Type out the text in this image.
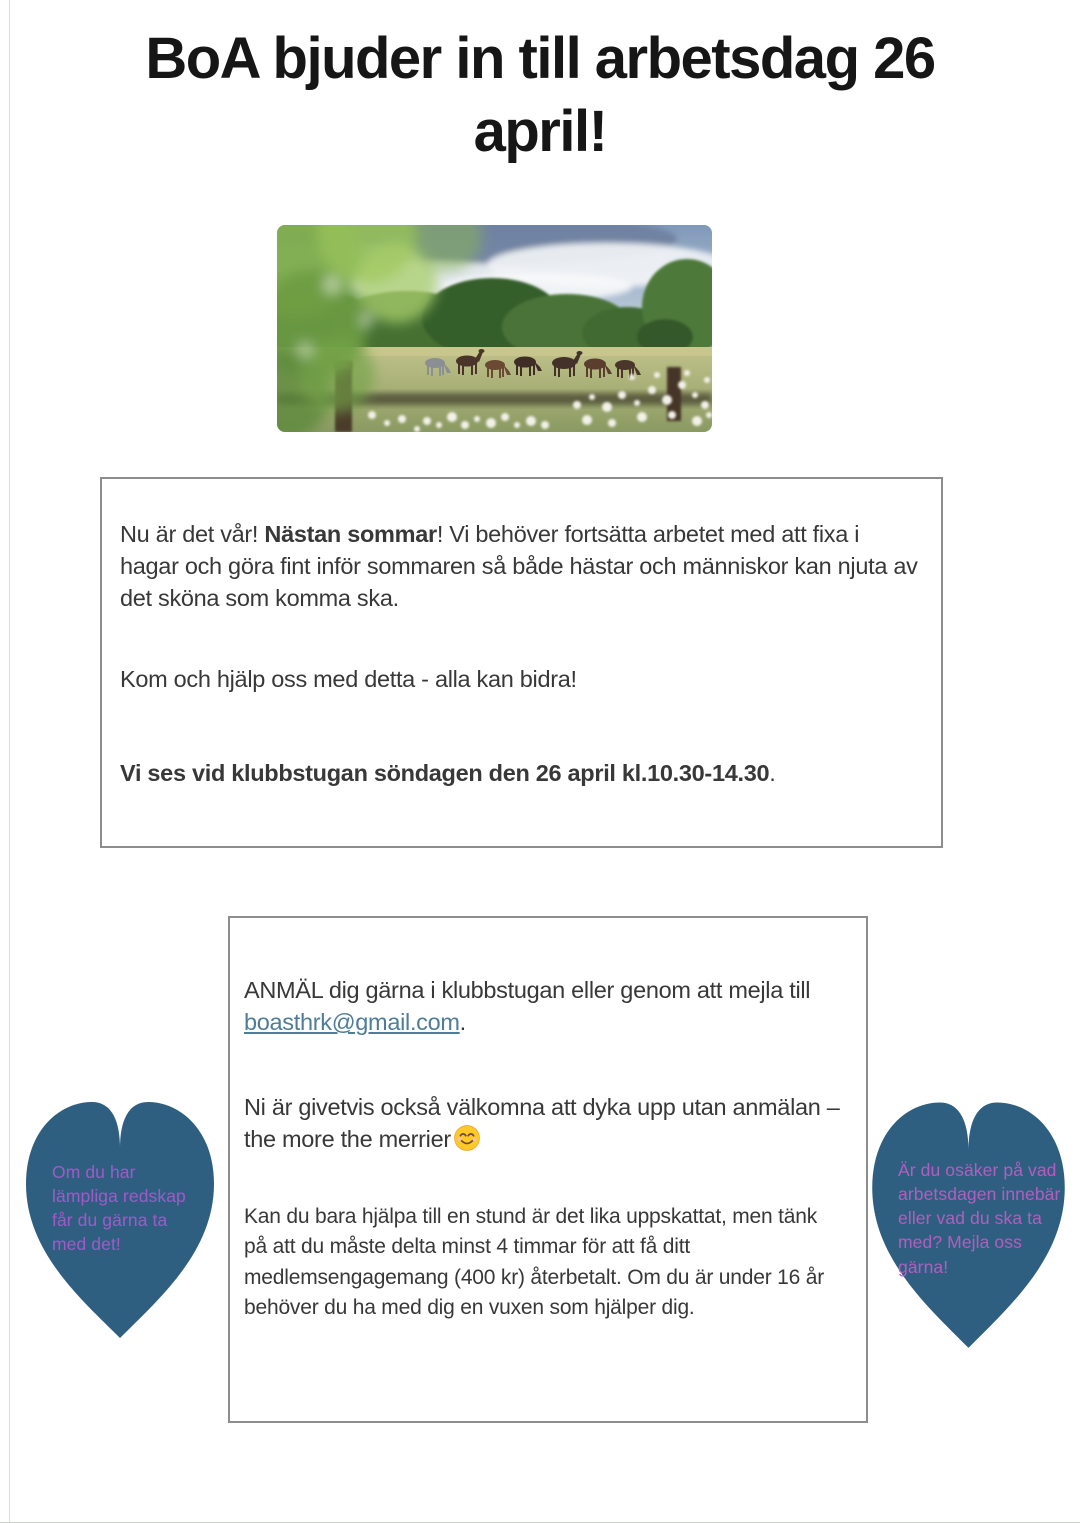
BoA bjuder in till arbetsdag 26
april!

Nu är det vår! Nästan sommar! Vi behöver fortsätta arbetet med att fixa i hagar och göra fint inför sommaren så både hästar och människor kan njuta av det sköna som komma ska.

Kom och hjälp oss med detta - alla kan bidra!

Vi ses vid klubbstugan söndagen den 26 april kl.10.30-14.30.

ANMÄL dig gärna i klubbstugan eller genom att mejla till boasthrk@gmail.com.

Ni är givetvis också välkomna att dyka upp utan anmälan – the more the merrier

Kan du bara hjälpa till en stund är det lika uppskattat, men tänk på att du måste delta minst 4 timmar för att få ditt medlemsengagemang (400 kr) återbetalt. Om du är under 16 år behöver du ha med dig en vuxen som hjälper dig.

Om du har lämpliga redskap får du gärna ta med det!
Är du osäker på vad arbetsdagen innebär eller vad du ska ta med? Mejla oss gärna!
